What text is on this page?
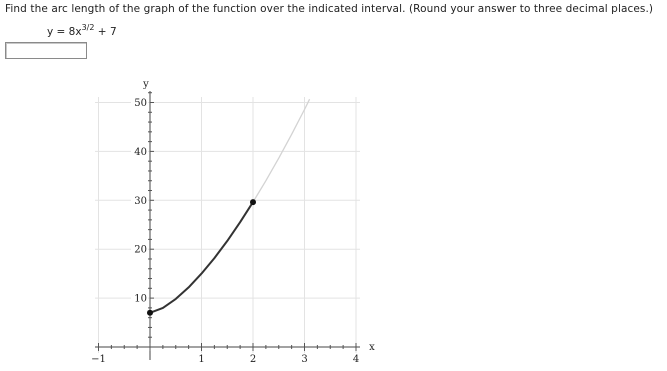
Find the arc length of the graph of the function over the indicated interval. (Round your answer to three decimal places.)
$y = 8x^{3/2} + 7$
−1	1	2	3	4
10
20
30
40
50
y
x
